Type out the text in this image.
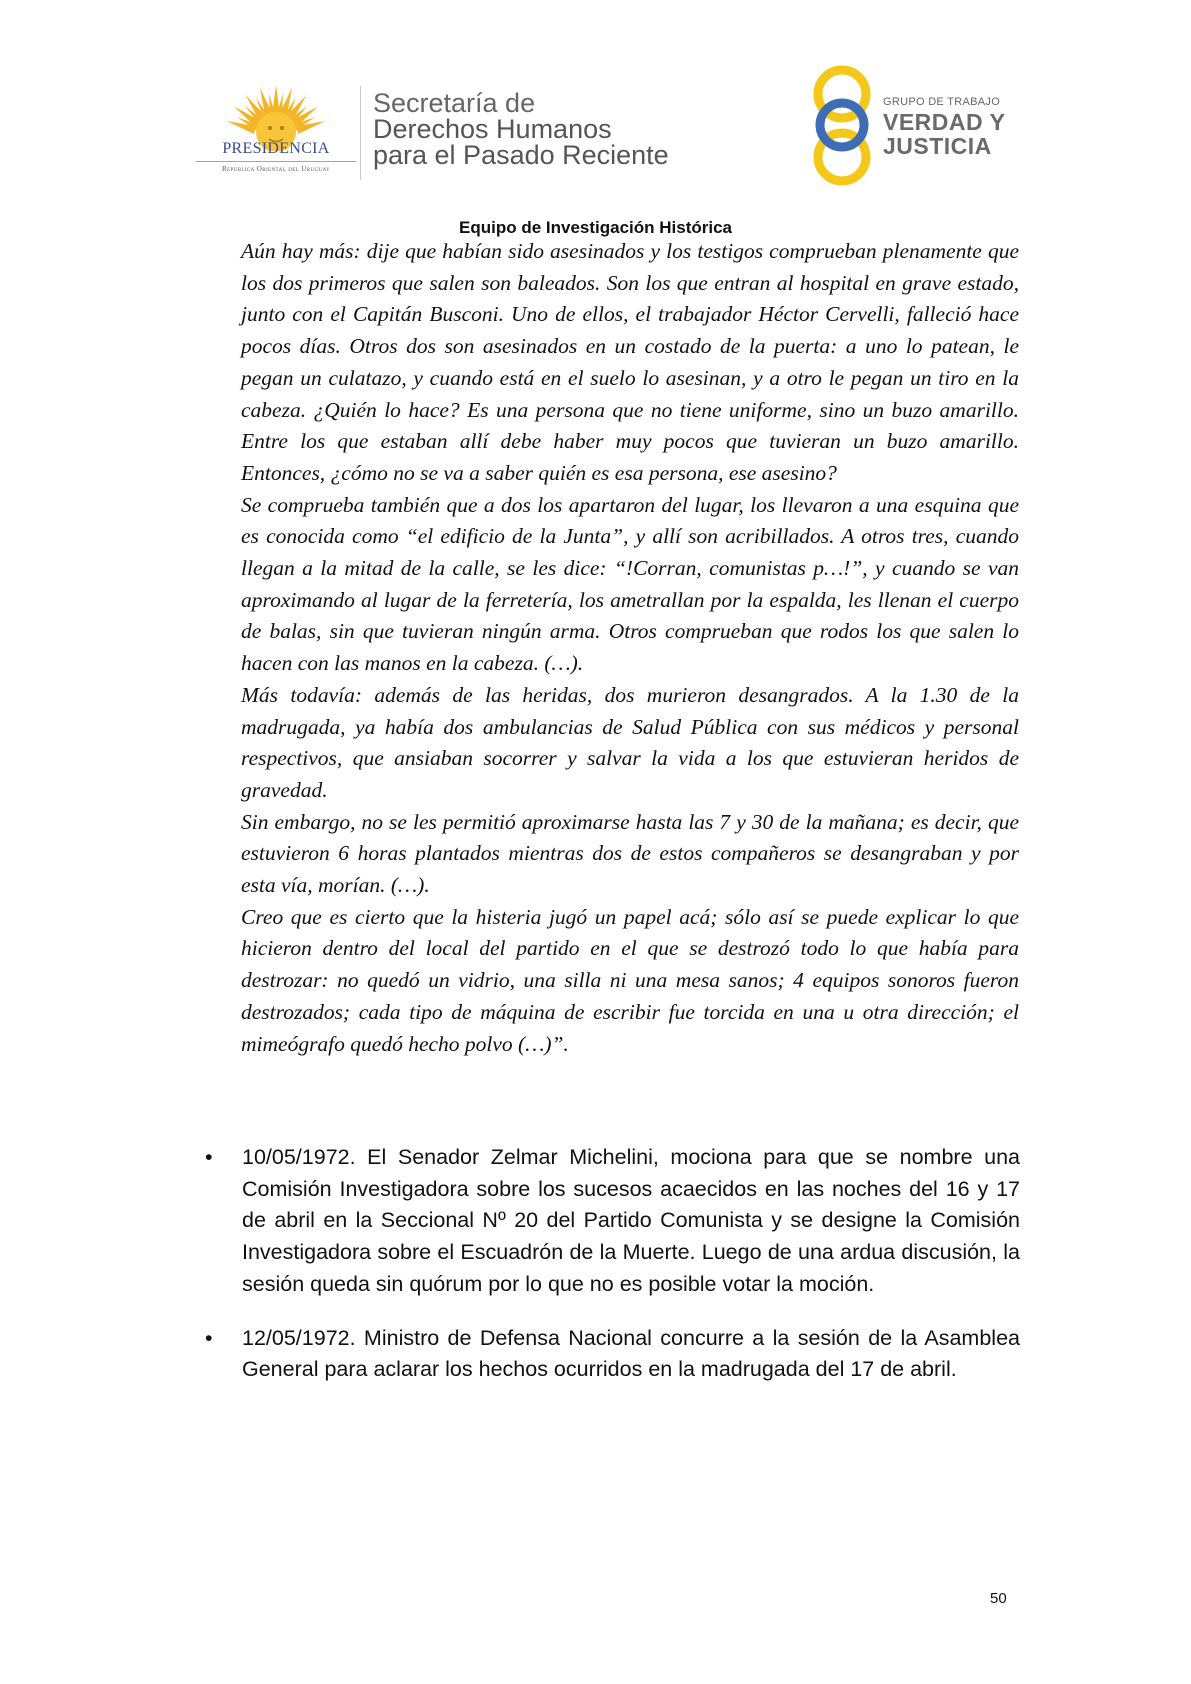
PRESIDENCIA
República Oriental del Uruguay
Secretaría de
Derechos Humanos
para el Pasado Reciente
GRUPO DE TRABAJO
VERDAD Y
JUSTICIA
Equipo de Investigación Histórica

Aún hay más: dije que habían sido asesinados y los testigos comprueban plenamente que los dos primeros que salen son baleados. Son los que entran al hospital en grave estado, junto con el Capitán Busconi. Uno de ellos, el trabajador Héctor Cervelli, falleció hace pocos días. Otros dos son asesinados en un costado de la puerta: a uno lo patean, le pegan un culatazo, y cuando está en el suelo lo asesinan, y a otro le pegan un tiro en la cabeza. ¿Quién lo hace? Es una persona que no tiene uniforme, sino un buzo amarillo. Entre los que estaban allí debe haber muy pocos que tuvieran un buzo amarillo. Entonces, ¿cómo no se va a saber quién es esa persona, ese asesino?

Se comprueba también que a dos los apartaron del lugar, los llevaron a una esquina que es conocida como “el edificio de la Junta”, y allí son acribillados. A otros tres, cuando llegan a la mitad de la calle, se les dice: “!Corran, comunistas p…!”, y cuando se van aproximando al lugar de la ferretería, los ametrallan por la espalda, les llenan el cuerpo de balas, sin que tuvieran ningún arma. Otros comprueban que rodos los que salen lo hacen con las manos en la cabeza. (…).

Más todavía: además de las heridas, dos murieron desangrados. A la 1.30 de la madrugada, ya había dos ambulancias de Salud Pública con sus médicos y personal respectivos, que ansiaban socorrer y salvar la vida a los que estuvieran heridos de gravedad.

Sin embargo, no se les permitió aproximarse hasta las 7 y 30 de la mañana; es decir, que estuvieron 6 horas plantados mientras dos de estos compañeros se desangraban y por esta vía, morían. (…).

Creo que es cierto que la histeria jugó un papel acá; sólo así se puede explicar lo que hicieron dentro del local del partido en el que se destrozó todo lo que había para destrozar: no quedó un vidrio, una silla ni una mesa sanos; 4 equipos sonoros fueron destrozados; cada tipo de máquina de escribir fue torcida en una u otra dirección; el mimeógrafo quedó hecho polvo (…)”.

• 10/05/1972. El Senador Zelmar Michelini, mociona para que se nombre una Comisión Investigadora sobre los sucesos acaecidos en las noches del 16 y 17 de abril en la Seccional Nº 20 del Partido Comunista y se designe la Comisión Investigadora sobre el Escuadrón de la Muerte. Luego de una ardua discusión, la sesión queda sin quórum por lo que no es posible votar la moción.
• 12/05/1972. Ministro de Defensa Nacional concurre a la sesión de la Asamblea General para aclarar los hechos ocurridos en la madrugada del 17 de abril.
50
